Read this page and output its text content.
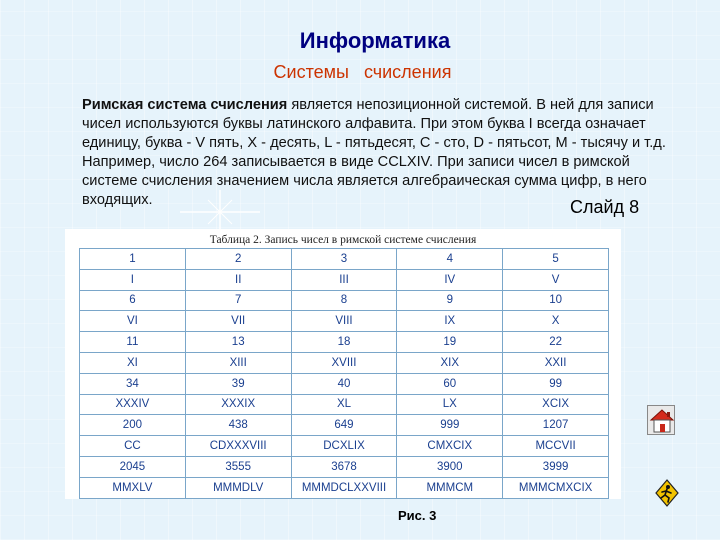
Информатика
Системы   счисления
Римская система счисления является непозиционной системой. В ней для записи чисел используются буквы латинского алфавита. При этом буква I всегда означает единицу, буква - V пять, X - десять, L - пятьдесят, C - сто, D - пятьсот, M - тысячу и т.д. Например, число 264 записывается в виде CCLXIV. При записи чисел в римской системе счисления значением числа является алгебраическая сумма цифр, в него входящих.	Слайд 8
Таблица 2. Запись чисел в римской системе счисления
1	2	3	4	5
I	II	III	IV	V
6	7	8	9	10
VI	VII	VIII	IX	X
11	13	18	19	22
XI	XIII	XVIII	XIX	XXII
34	39	40	60	99
XXXIV	XXXIX	XL	LX	XCIX
200	438	649	999	1207
CC	CDXXXVIII	DCXLIX	CMXCIX	MCCVII
2045	3555	3678	3900	3999
MMXLV	MMMDLV	MMMDCLXXVIII	MMMCM	MMMCMXCIX
Рис. 3
